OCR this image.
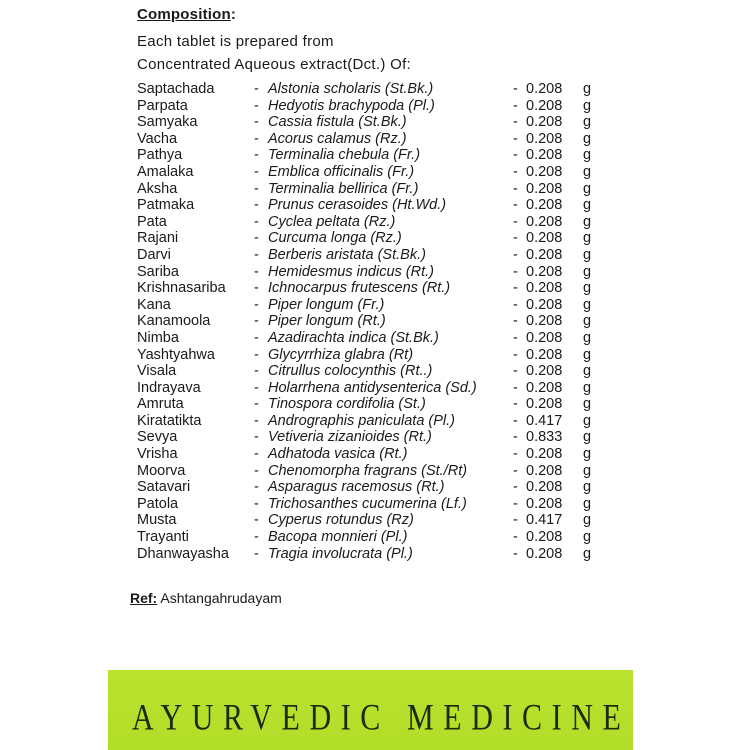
Composition:
Each tablet is prepared from
Concentrated Aqueous extract(Dct.) Of:
Saptachada	- Alstonia scholaris (St.Bk.)	- 0.208 g
Parpata	- Hedyotis brachypoda (Pl.)	- 0.208 g
Samyaka	- Cassia fistula (St.Bk.)	- 0.208 g
Vacha	- Acorus calamus (Rz.)	- 0.208 g
Pathya	- Terminalia chebula (Fr.)	- 0.208 g
Amalaka	- Emblica officinalis (Fr.)	- 0.208 g
Aksha	- Terminalia bellirica (Fr.)	- 0.208 g
Patmaka	- Prunus cerasoides (Ht.Wd.)	- 0.208 g
Pata	- Cyclea peltata (Rz.)	- 0.208 g
Rajani	- Curcuma longa (Rz.)	- 0.208 g
Darvi	- Berberis aristata (St.Bk.)	- 0.208 g
Sariba	- Hemidesmus indicus (Rt.)	- 0.208 g
Krishnasariba - Ichnocarpus frutescens (Rt.)	- 0.208 g
Kana	- Piper longum (Fr.)	- 0.208 g
Kanamoola	- Piper longum (Rt.)	- 0.208 g
Nimba	- Azadirachta indica (St.Bk.)	- 0.208 g
Yashtyahwa	- Glycyrrhiza glabra (Rt)	- 0.208 g
Visala	- Citrullus colocynthis (Rt..)	- 0.208 g
Indrayava	- Holarrhena antidysenterica (Sd.)	- 0.208 g
Amruta	- Tinospora cordifolia (St.)	- 0.208 g
Kiratatikta	- Andrographis paniculata (Pl.)	- 0.417 g
Sevya	- Vetiveria zizanioides (Rt.)	- 0.833 g
Vrisha	- Adhatoda vasica (Rt.)	- 0.208 g
Moorva	- Chenomorpha fragrans (St./Rt)	- 0.208 g
Satavari	- Asparagus racemosus (Rt.)	- 0.208 g
Patola	- Trichosanthes cucumerina (Lf.)	- 0.208 g
Musta	- Cyperus rotundus (Rz)	- 0.417 g
Trayanti	- Bacopa monnieri (Pl.)	- 0.208 g
Dhanwayasha - Tragia involucrata (Pl.)	- 0.208 g
Ref: Ashtangahrudayam
AYURVEDIC MEDICINE
